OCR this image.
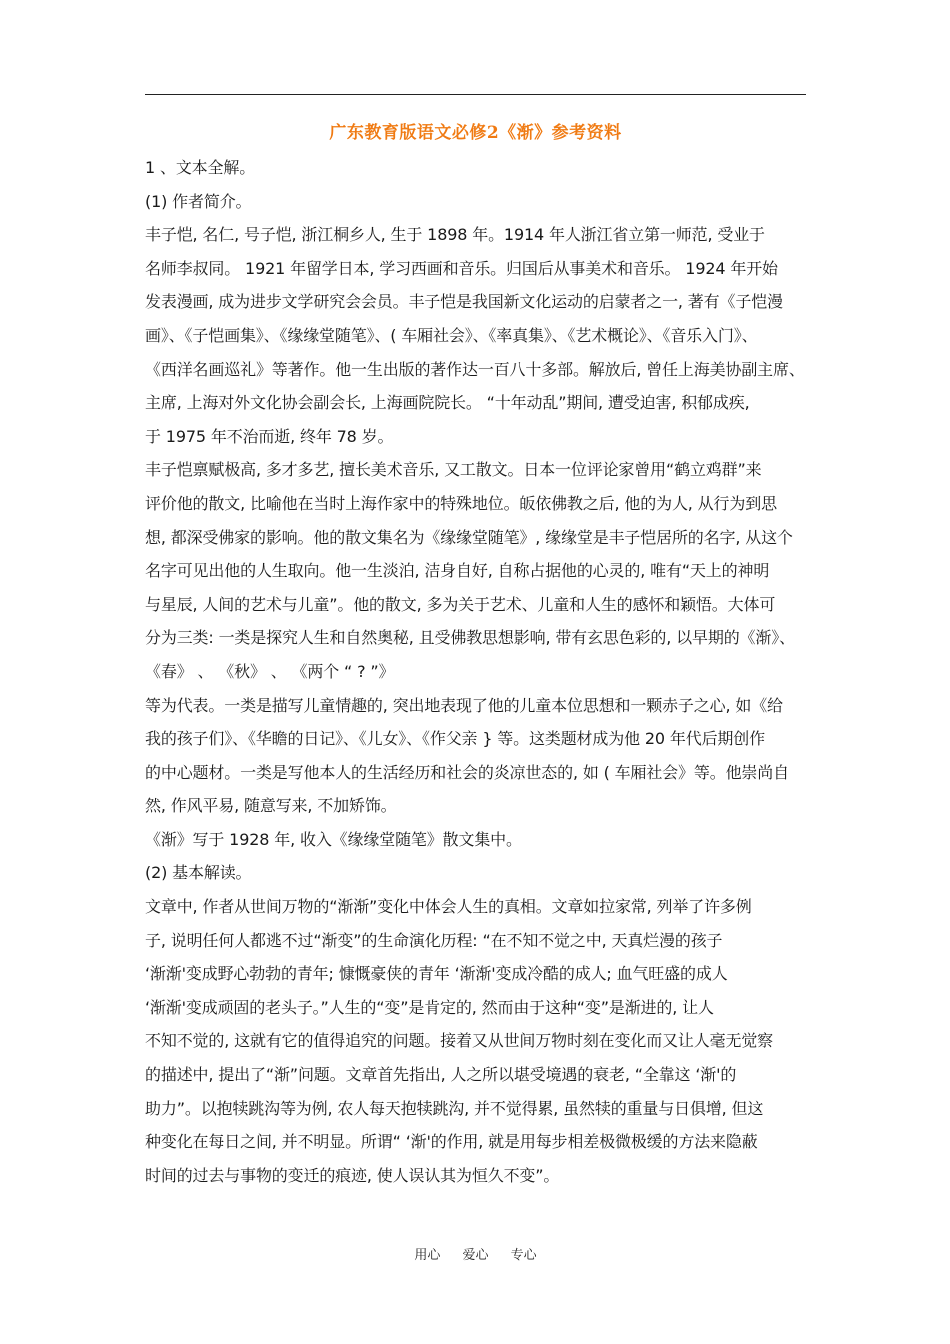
广东教育版语文必修2《渐》参考资料
1 、文本全解。
(1) 作者简介。
丰子恺, 名仁, 号子恺, 浙江桐乡人, 生于 1898 年。1914 年人浙江省立第一师范, 受业于
名师李叔同。 1921 年留学日本, 学习西画和音乐。归国后从事美术和音乐。 1924 年开始
发表漫画, 成为进步文学研究会会员。丰子恺是我国新文化运动的启蒙者之一, 著有《子恺漫
画》、《子恺画集》、《缘缘堂随笔》、( 车厢社会》、《率真集》、《艺术概论》、《音乐入门》、
《西洋名画巡礼》等著作。他一生出版的著作达一百八十多部。解放后, 曾任上海美协副主席、
主席, 上海对外文化协会副会长, 上海画院院长。 “十年动乱”期间, 遭受迫害, 积郁成疾,
于 1975 年不治而逝, 终年 78 岁。
丰子恺禀赋极高, 多才多艺, 擅长美术音乐, 又工散文。日本一位评论家曾用“鹤立鸡群”来
评价他的散文, 比喻他在当时上海作家中的特殊地位。皈依佛教之后, 他的为人, 从行为到思
想, 都深受佛家的影响。他的散文集名为《缘缘堂随笔》, 缘缘堂是丰子恺居所的名字, 从这个
名字可见出他的人生取向。他一生淡泊, 洁身自好, 自称占据他的心灵的, 唯有“天上的神明
与星辰, 人间的艺术与儿童”。他的散文, 多为关于艺术、儿童和人生的感怀和颖悟。大体可
分为三类: 一类是探究人生和自然奥秘, 且受佛教思想影响, 带有玄思色彩的, 以早期的《渐》、
《春》 、 《秋》 、 《两个 “ ? ”》
等为代表。一类是描写儿童情趣的, 突出地表现了他的儿童本位思想和一颗赤子之心, 如《给
我的孩子们》、《华瞻的日记》、《儿女》、《作父亲 } 等。这类题材成为他 20 年代后期创作
的中心题材。一类是写他本人的生活经历和社会的炎凉世态的, 如 ( 车厢社会》等。他崇尚自
然, 作风平易, 随意写来, 不加矫饰。
《渐》写于 1928 年, 收入《缘缘堂随笔》散文集中。
(2) 基本解读。
文章中, 作者从世间万物的“渐渐”变化中体会人生的真相。文章如拉家常, 列举了许多例
子, 说明任何人都逃不过“渐变”的生命演化历程: “在不知不觉之中, 天真烂漫的孩子
‘渐渐'变成野心勃勃的青年; 慷慨豪侠的青年 ‘渐渐'变成冷酷的成人; 血气旺盛的成人
‘渐渐'变成顽固的老头子。”人生的“变”是肯定的, 然而由于这种“变”是渐进的, 让人
不知不觉的, 这就有它的值得追究的问题。接着又从世间万物时刻在变化而又让人毫无觉察
的描述中, 提出了“渐”问题。文章首先指出, 人之所以堪受境遇的衰老, “全靠这 ‘渐'的
助力”。以抱犊跳沟等为例, 农人每天抱犊跳沟, 并不觉得累, 虽然犊的重量与日俱增, 但这
种变化在每日之间, 并不明显。所谓“ ‘渐'的作用, 就是用每步相差极微极缓的方法来隐蔽
时间的过去与事物的变迁的痕迹, 使人误认其为恒久不变”。
用心 爱心 专心
